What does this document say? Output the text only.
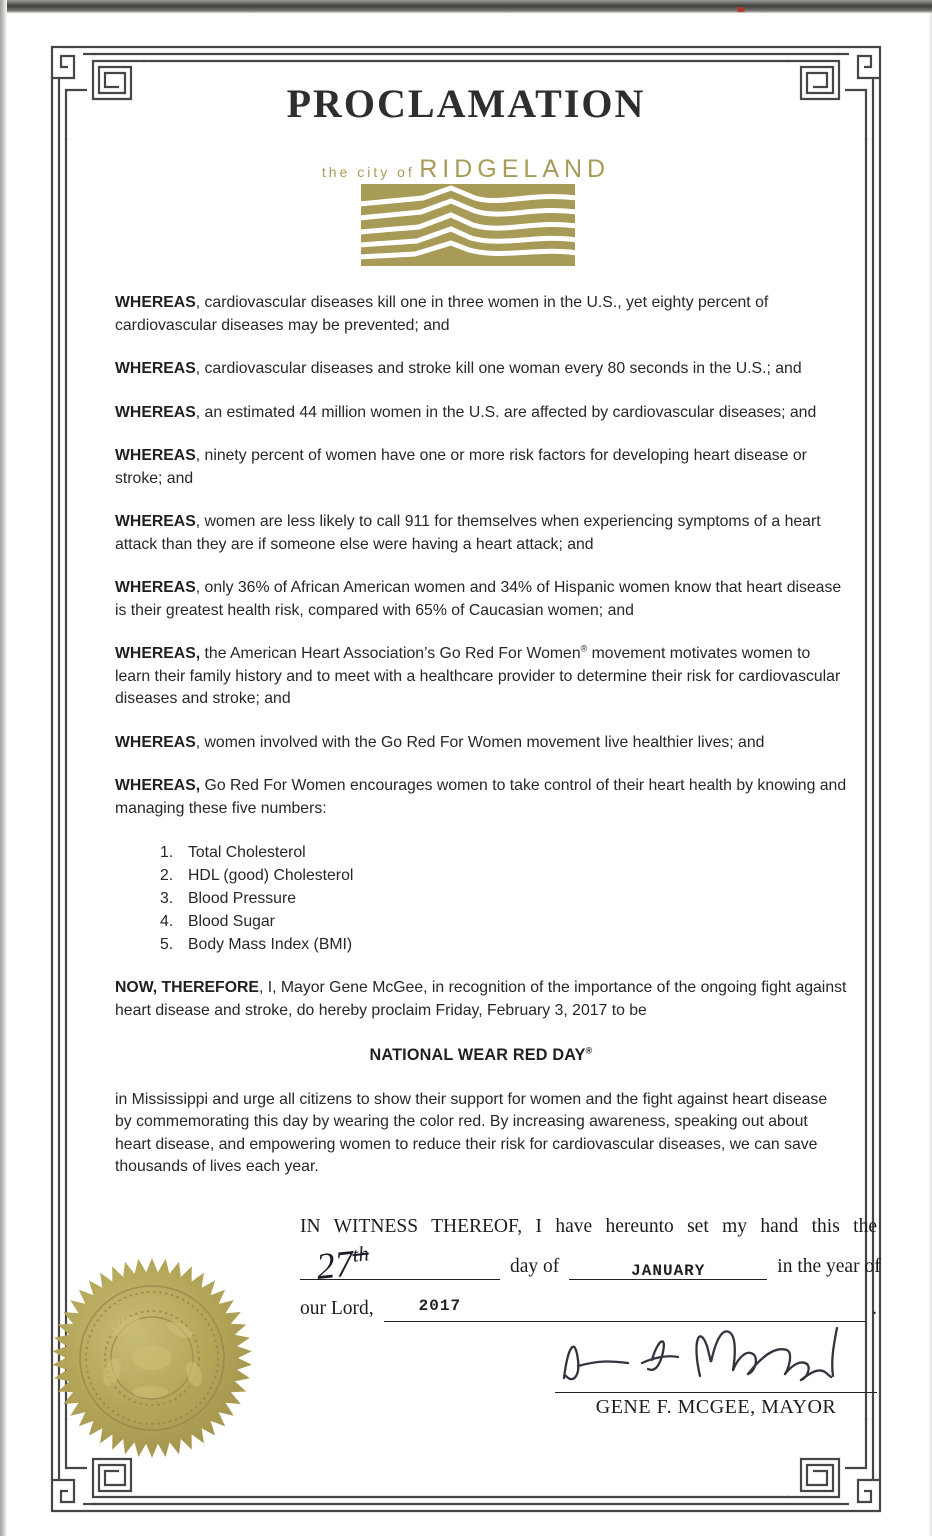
PROCLAMATION
the city of RIDGELAND

WHEREAS, cardiovascular diseases kill one in three women in the U.S., yet eighty percent of cardiovascular diseases may be prevented; and

WHEREAS, cardiovascular diseases and stroke kill one woman every 80 seconds in the U.S.; and

WHEREAS, an estimated 44 million women in the U.S. are affected by cardiovascular diseases; and

WHEREAS, ninety percent of women have one or more risk factors for developing heart disease or stroke; and

WHEREAS, women are less likely to call 911 for themselves when experiencing symptoms of a heart attack than they are if someone else were having a heart attack; and

WHEREAS, only 36% of African American women and 34% of Hispanic women know that heart disease is their greatest health risk, compared with 65% of Caucasian women; and

WHEREAS, the American Heart Association’s Go Red For Women® movement motivates women to learn their family history and to meet with a healthcare provider to determine their risk for cardiovascular diseases and stroke; and

WHEREAS, women involved with the Go Red For Women movement live healthier lives; and

WHEREAS, Go Red For Women encourages women to take control of their heart health by knowing and managing these five numbers:

1. Total Cholesterol
2. HDL (good) Cholesterol
3. Blood Pressure
4. Blood Sugar
5. Body Mass Index (BMI)

NOW, THEREFORE, I, Mayor Gene McGee, in recognition of the importance of the ongoing fight against heart disease and stroke, do hereby proclaim Friday, February 3, 2017 to be

NATIONAL WEAR RED DAY®

in Mississippi and urge all citizens to show their support for women and the fight against heart disease by commemorating this day by wearing the color red. By increasing awareness, speaking out about heart disease, and empowering women to reduce their risk for cardiovascular diseases, we can save thousands of lives each year.

IN WITNESS THEREOF, I have hereunto set my hand this the

27th	day of	JANUARY	in the year of
our Lord,	2017	.
GENE F. MCGEE, MAYOR
